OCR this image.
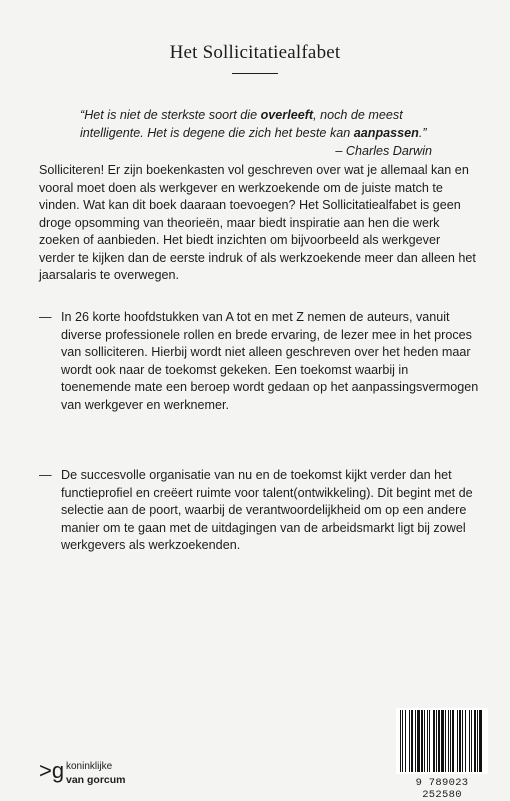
Het Sollicitatiealfabet
“Het is niet de sterkste soort die overleeft, noch de meest intelligente. Het is degene die zich het beste kan aanpassen.”
– Charles Darwin

Solliciteren! Er zijn boekenkasten vol geschreven over wat je allemaal kan en vooral moet doen als werkgever en werkzoekende om de juiste match te vinden. Wat kan dit boek daaraan toevoegen? Het Sollicitatiealfabet is geen droge opsomming van theorieën, maar biedt inspiratie aan hen die werk zoeken of aanbieden. Het biedt inzichten om bijvoorbeeld als werkgever verder te kijken dan de eerste indruk of als werkzoekende meer dan alleen het jaarsalaris te overwegen.

— In 26 korte hoofdstukken van A tot en met Z nemen de auteurs, vanuit diverse professionele rollen en brede ervaring, de lezer mee in het proces van solliciteren. Hierbij wordt niet alleen geschreven over het heden maar wordt ook naar de toekomst gekeken. Een toekomst waarbij in toenemende mate een beroep wordt gedaan op het aanpassingsvermogen van werkgever en werknemer.
— De succesvolle organisatie van nu en de toekomst kijkt verder dan het functieprofiel en creëert ruimte voor talent(ontwikkeling). Dit begint met de selectie aan de poort, waarbij de verantwoordelijkheid om op een andere manier om te gaan met de uitdagingen van de arbeidsmarkt ligt bij zowel werkgevers als werkzoekenden.
>g koninklijke
van gorcum	9 789023 252580
